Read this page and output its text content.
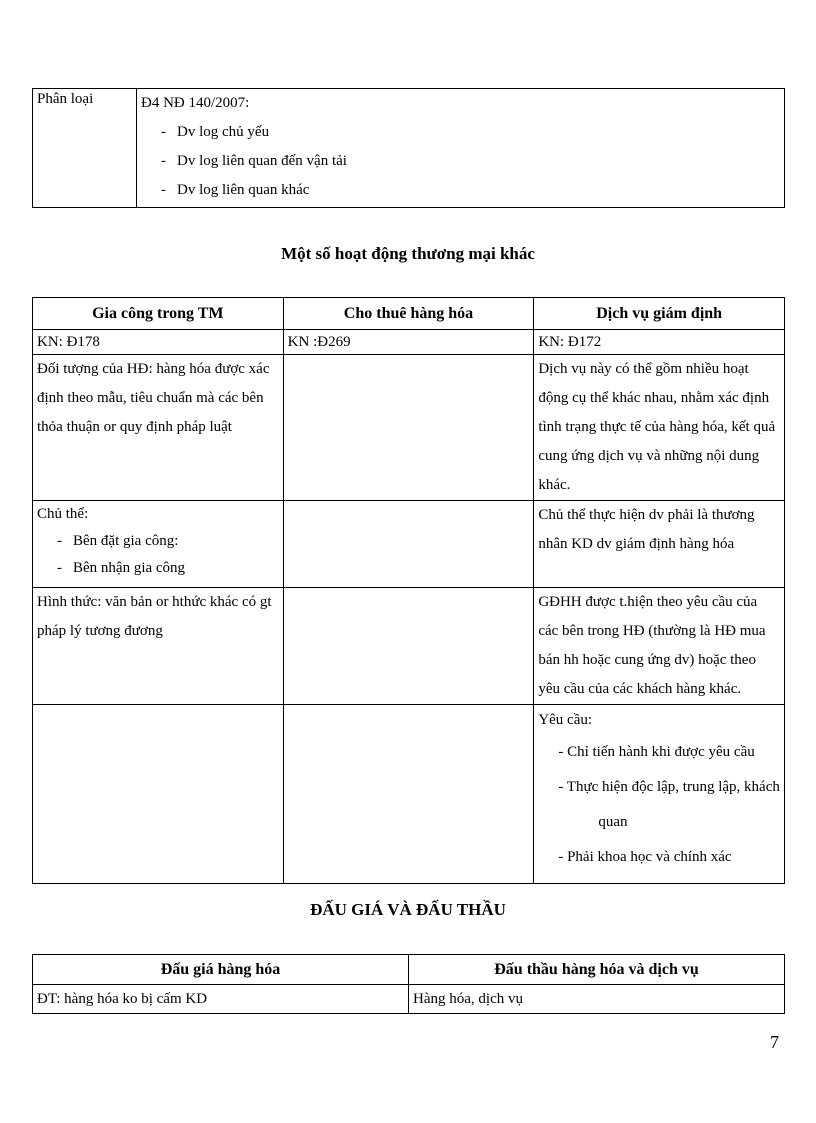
Phân loại	Đ4 NĐ 140/2007:
- Dv log chủ yếu
- Dv log liên quan đến vận tải
- Dv log liên quan khác
Một số hoạt động thương mại khác
Gia công trong TM	Cho thuê hàng hóa	Dịch vụ giám định
KN: Đ178	KN :Đ269	KN: Đ172
Đối tượng của HĐ: hàng hóa được xác định theo mẫu, tiêu chuẩn mà các bên thỏa thuận or quy định pháp luật		Dịch vụ này có thể gồm nhiều hoạt động cụ thể khác nhau, nhằm xác định tình trạng thực tế của hàng hóa, kết quả cung ứng dịch vụ và những nội dung khác.

Chủ thể:
- Bên đặt gia công:
- Bên nhận gia công		Chủ thể thực hiện dv phải là thương nhân KD dv giám định hàng hóa
Hình thức: văn bản or hthức khác có gt pháp lý tương đương		GĐHH được t.hiện theo yêu cầu của các bên trong HĐ (thường là HĐ mua bán hh hoặc cung ứng dv) hoặc theo yêu cầu của các khách hàng khác.

		Yêu cầu:
- Chỉ tiến hành khi được yêu cầu
- Thực hiện độc lập, trung lập, khách
quan
- Phải khoa học và chính xác
ĐẤU GIÁ VÀ ĐẤU THẦU
Đấu giá hàng hóa	Đấu thầu hàng hóa và dịch vụ
ĐT: hàng hóa ko bị cấm KD	Hàng hóa, dịch vụ
7
